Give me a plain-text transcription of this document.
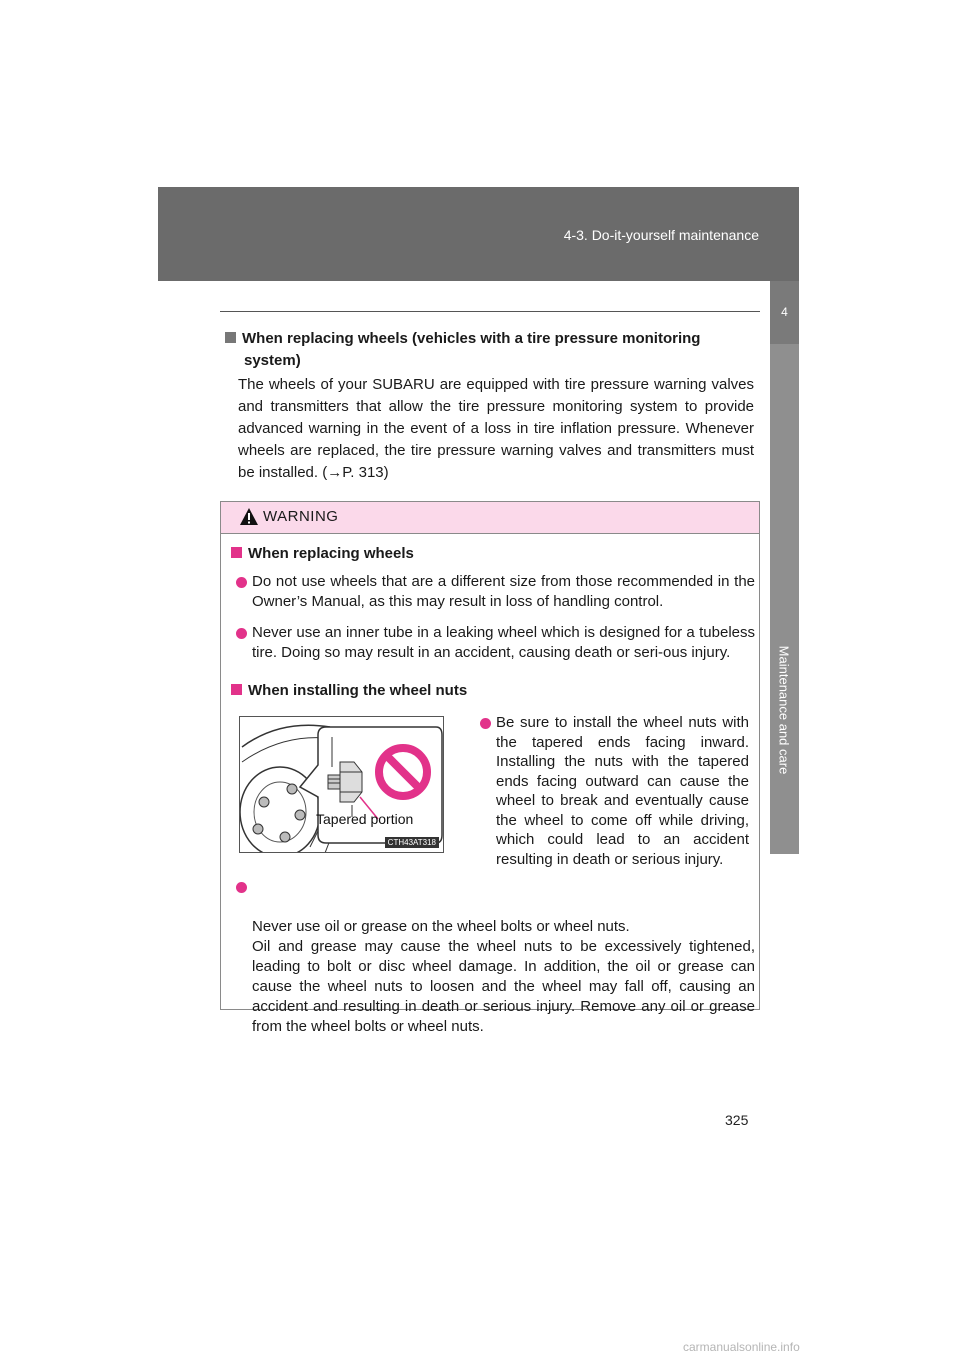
4-3. Do-it-yourself maintenance
4
Maintenance and care
When replacing wheels (vehicles with a tire pressure monitoring
system)
The wheels of your SUBARU are equipped with tire pressure warning valves and transmitters that allow the tire pressure monitoring system to provide advanced warning in the event of a loss in tire inflation pressure. Whenever wheels are replaced, the tire pressure warning valves and transmitters must be installed. (→P. 313)
WARNING
When replacing wheels
Do not use wheels that are a different size from those recommended in the Owner’s Manual, as this may result in loss of handling control.
Never use an inner tube in a leaking wheel which is designed for a tubeless tire. Doing so may result in an accident, causing death or seri-ous injury.
When installing the wheel nuts
Tapered portion
CTH43AT318
Be sure to install the wheel nuts with the tapered ends facing inward. Installing the nuts with the tapered ends facing outward can cause the wheel to break and eventually cause the wheel to come off while driving, which could lead to an accident resulting in death or serious injury.

Never use oil or grease on the wheel bolts or wheel nuts.
Oil and grease may cause the wheel nuts to be excessively tightened, leading to bolt or disc wheel damage. In addition, the oil or grease can cause the wheel nuts to loosen and the wheel may fall off, causing an accident and resulting in death or serious injury. Remove any oil or grease from the wheel bolts or wheel nuts.

325
carmanualsonline.info
